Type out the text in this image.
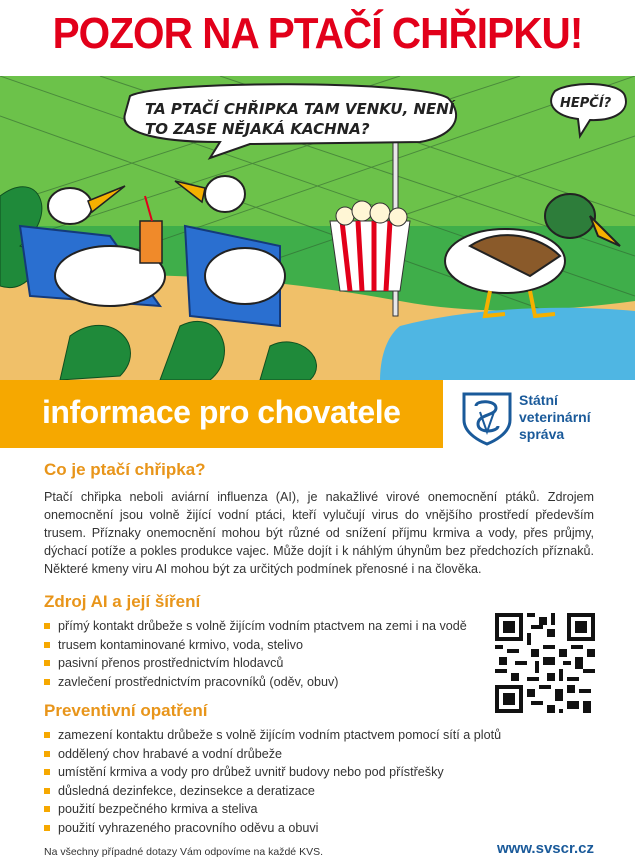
POZOR NA PTAČÍ CHŘIPKU!
TA PTAČÍ CHŘIPKA TAM VENKU, NENÍ
TO ZASE NĚJAKÁ KACHNA?
HEPČÍ?
informace pro chovatele	Státní
veterinární
správa
Co je ptačí chřipka?
Ptačí chřipka neboli aviární influenza (AI), je nakažlivé virové onemocnění ptáků. Zdrojem onemocnění jsou volně žijící vodní ptáci, kteří vylučují virus do vnějšího prostředí především trusem. Příznaky onemocnění mohou být různé od snížení příjmu krmiva a vody, přes průjmy, dýchací potíže a pokles produkce vajec. Může dojít i k náhlým úhynům bez předchozích příznaků. Některé kmeny viru AI mohou být za určitých podmínek přenosné i na člověka.
Zdroj AI a její šíření
přímý kontakt drůbeže s volně žijícím vodním ptactvem na zemi i na vodě
trusem kontaminované krmivo, voda, stelivo
pasivní přenos prostřednictvím hlodavců
zavlečení prostřednictvím pracovníků (oděv, obuv)
Preventivní opatření
zamezení kontaktu drůbeže s volně žijícím vodním ptactvem pomocí sítí a plotů
oddělený chov hrabavé a vodní drůbeže
umístění krmiva a vody pro drůbež uvnitř budovy nebo pod přístřešky
důsledná dezinfekce, dezinsekce a deratizace
použití bezpečného krmiva a steliva
použití vyhrazeného pracovního oděvu a obuvi
Na všechny případné dotazy Vám odpovíme na každé KVS.	www.svscr.cz
